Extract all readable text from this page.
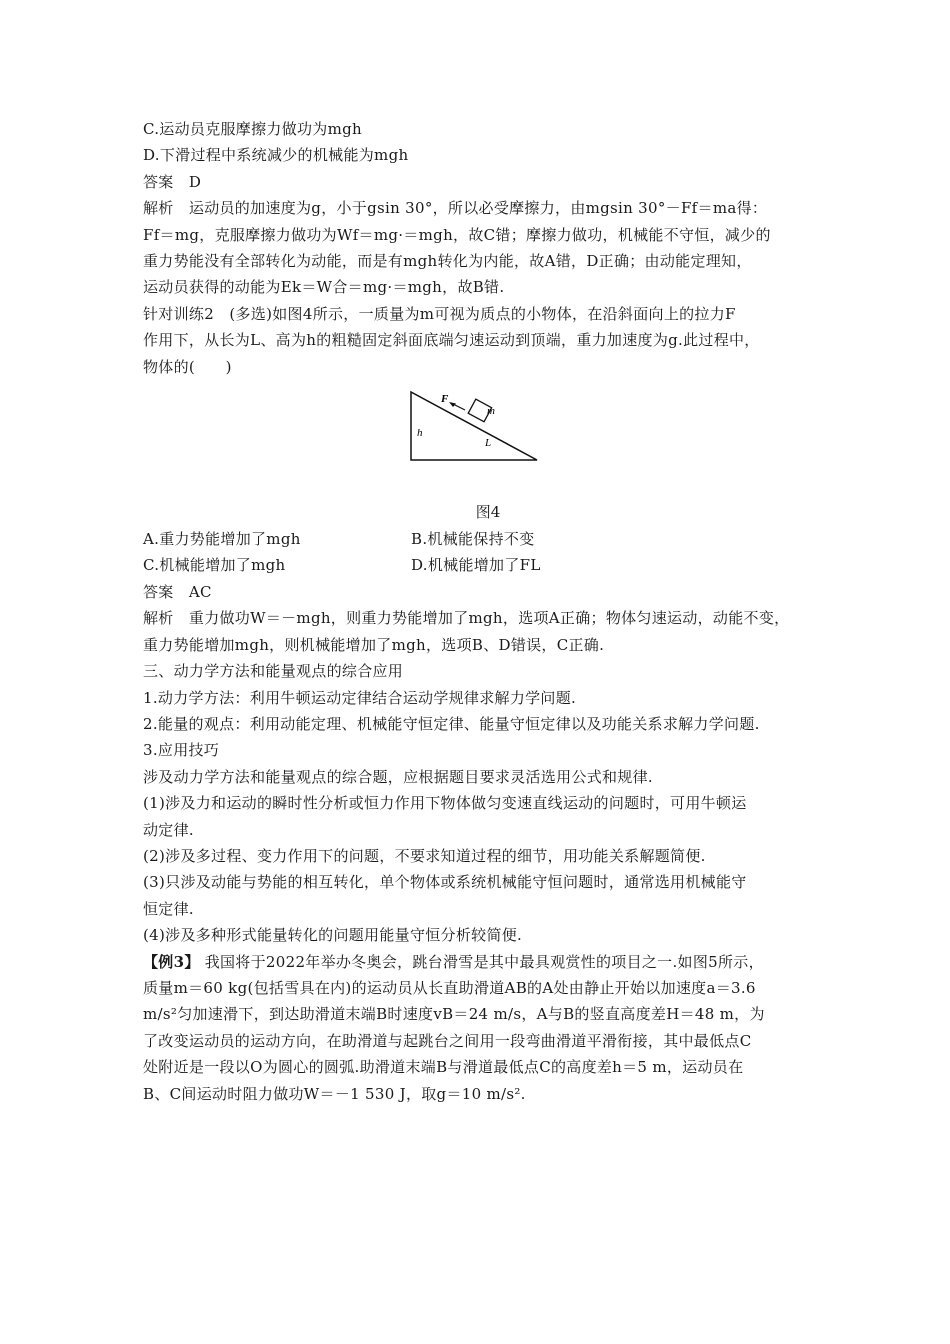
C.运动员克服摩擦力做功为mgh
D.下滑过程中系统减少的机械能为mgh
答案　D
解析　运动员的加速度为g，小于gsin 30°，所以必受摩擦力，由mgsin 30°－Ff＝ma得：
Ff＝mg，克服摩擦力做功为Wf＝mg·＝mgh，故C错；摩擦力做功，机械能不守恒，减少的
重力势能没有全部转化为动能，而是有mgh转化为内能，故A错，D正确；由动能定理知，
运动员获得的动能为Ek＝W合＝mg·＝mgh，故B错.
针对训练2　(多选)如图4所示，一质量为m可视为质点的小物体，在沿斜面向上的拉力F
作用下，从长为L、高为h的粗糙固定斜面底端匀速运动到顶端，重力加速度为g.此过程中，
物体的(　　)
F
m
h
L
图4
A.重力势能增加了mgh	B.机械能保持不变
C.机械能增加了mgh	D.机械能增加了FL
答案　AC
解析　重力做功W＝－mgh，则重力势能增加了mgh，选项A正确；物体匀速运动，动能不变，
重力势能增加mgh，则机械能增加了mgh，选项B、D错误，C正确.
三、动力学方法和能量观点的综合应用
1.动力学方法：利用牛顿运动定律结合运动学规律求解力学问题.
2.能量的观点：利用动能定理、机械能守恒定律、能量守恒定律以及功能关系求解力学问题.
3.应用技巧
涉及动力学方法和能量观点的综合题，应根据题目要求灵活选用公式和规律.
(1)涉及力和运动的瞬时性分析或恒力作用下物体做匀变速直线运动的问题时，可用牛顿运
动定律.
(2)涉及多过程、变力作用下的问题，不要求知道过程的细节，用功能关系解题简便.
(3)只涉及动能与势能的相互转化，单个物体或系统机械能守恒问题时，通常选用机械能守
恒定律.
(4)涉及多种形式能量转化的问题用能量守恒分析较简便.
【例3】 我国将于2022年举办冬奥会，跳台滑雪是其中最具观赏性的项目之一.如图5所示，
质量m＝60 kg(包括雪具在内)的运动员从长直助滑道AB的A处由静止开始以加速度a＝3.6
m/s²匀加速滑下，到达助滑道末端B时速度vB＝24 m/s，A与B的竖直高度差H＝48 m，为
了改变运动员的运动方向，在助滑道与起跳台之间用一段弯曲滑道平滑衔接，其中最低点C
处附近是一段以O为圆心的圆弧.助滑道末端B与滑道最低点C的高度差h＝5 m，运动员在
B、C间运动时阻力做功W＝－1 530 J，取g＝10 m/s².
